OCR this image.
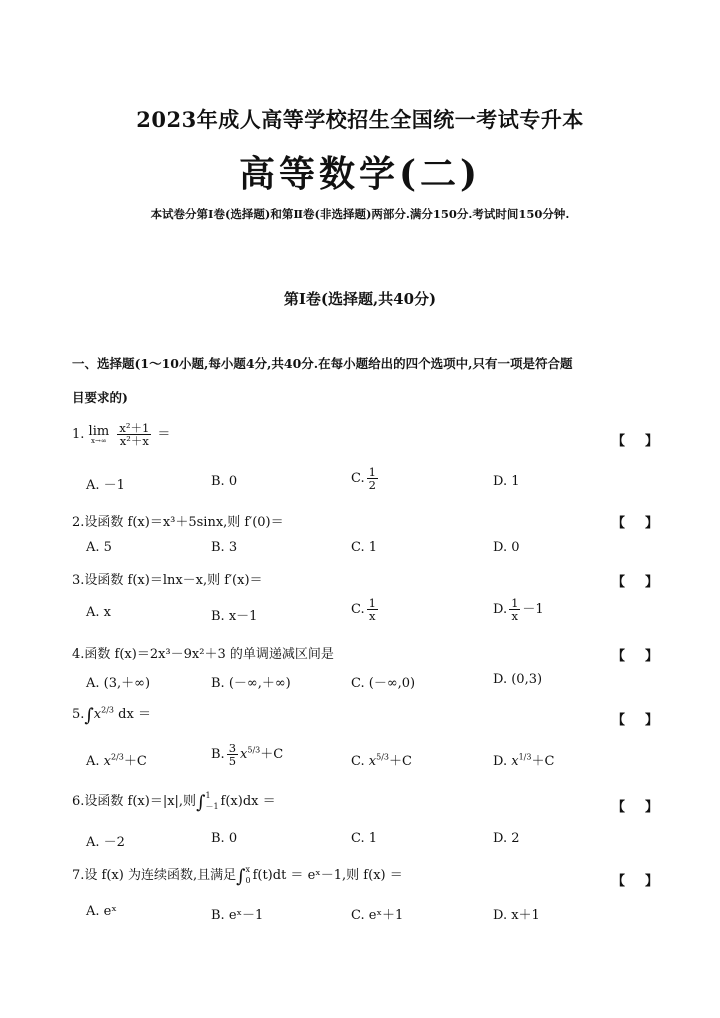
2023年成人高等学校招生全国统一考试专升本
高等数学(二)
本试卷分第Ⅰ卷(选择题)和第Ⅱ卷(非选择题)两部分.满分150分.考试时间150分钟.
第Ⅰ卷(选择题,共40分)
一、选择题(1～10小题,每小题4分,共40分.在每小题给出的四个选项中,只有一项是符合题
目要求的)
1. lim
x→∞
$\frac{\text{x²＋1}}{\text{x²＋x}}$ ＝	【 】
A. －1	B. 0	C. $\frac{1}{2}$	D. 1
2.设函数 f(x)＝x³＋5sinx,则 f′(0)＝	【 】
A. 5	B. 3	C. 1	D. 0
3.设函数 f(x)＝lnx－x,则 f′(x)＝	【 】
A. x	B. x－1	C. $\frac{1}{x}$	D. $\frac{1}{x} -1$
4.函数 f(x)＝2x³－9x²＋3 的单调递减区间是	【 】
A. (3,＋∞)	B. (－∞,＋∞)	C. (－∞,0)	D. (0,3)
$5.\int x^{2/3}$ dx ＝	【 】
A. $x^{2/3}+C$	B. $\frac{3}{5} x^{5/3}+C$	C. $x^{5/3}+C$	D. $x^{1/3}+C$
6.设函数 f(x)＝|x|,则∫ 1
－1 f(x)dx ＝	【 】
A. －2	B. 0	C. 1	D. 2
7.设 f(x) 为连续函数,且满足∫ x
0 f(t)dt ＝ eˣ－1,则 f(x) ＝	【 】
A. eˣ	B. eˣ－1	C. eˣ＋1	D. x＋1
